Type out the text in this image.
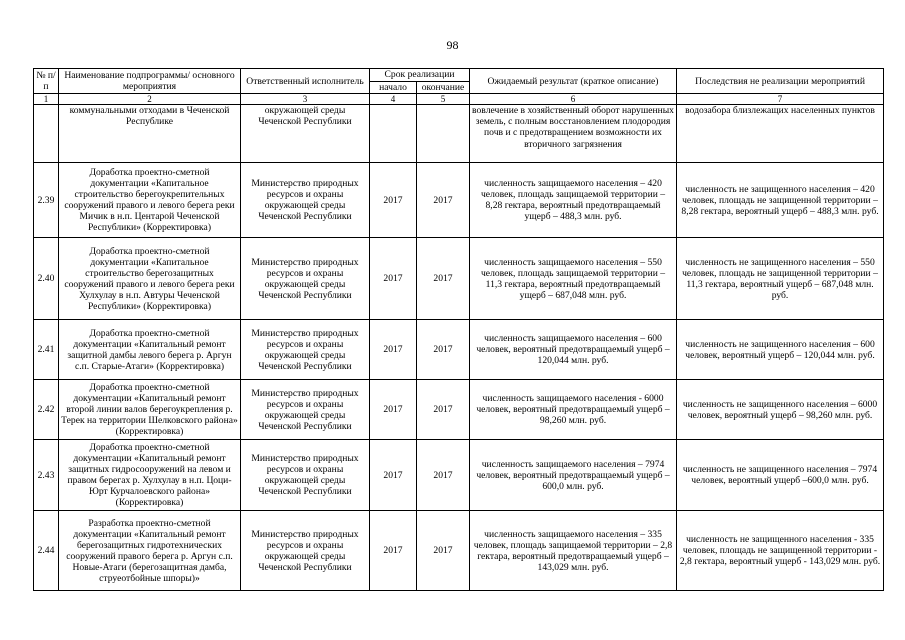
98
№ п/п	Наименование подпрограммы/ основного мероприятия	Ответственный исполнитель	Срок реализации		Ожидаемый результат (краткое описание)	Последствия не реализации мероприятий
			начало	окончание		
1	2	3	4	5	6	7
	коммунальными отходами в Чеченской Республике	окружающей среды Чеченской Республики			вовлечение в хозяйственный оборот нарушенных земель, с полным восстановлением плодородия почв и с предотвращением возможности их вторичного загрязнения	водозабора близлежащих населенных пунктов
2.39	Доработка проектно-сметной документации «Капитальное строительство берегоукрепительных сооружений правого и левого берега реки Мичик в н.п. Центарой Чеченской Республики» (Корректировка)	Министерство природных ресурсов и охраны окружающей среды Чеченской Республики	2017	2017	численность защищаемого населения – 420 человек, площадь защищаемой территории – 8,28 гектара, вероятный предотвращаемый ущерб – 488,3 млн. руб.	численность не защищенного населения – 420 человек, площадь не защищенной территории – 8,28 гектара, вероятный ущерб – 488,3 млн. руб.
2.40	Доработка проектно-сметной документации «Капитальное строительство берегозащитных сооружений правого и левого берега реки Хулхулау в н.п. Автуры Чеченской Республики» (Корректировка)	Министерство природных ресурсов и охраны окружающей среды Чеченской Республики	2017	2017	численность защищаемого населения – 550 человек, площадь защищаемой территории – 11,3 гектара, вероятный предотвращаемый ущерб – 687,048 млн. руб.	численность не защищенного населения – 550 человек, площадь не защищенной территории – 11,3 гектара, вероятный ущерб – 687,048 млн. руб.
2.41	Доработка проектно-сметной документации «Капитальный ремонт защитной дамбы левого берега р. Аргун с.п. Старые-Атаги» (Корректировка)	Министерство природных ресурсов и охраны окружающей среды Чеченской Республики	2017	2017	численность защищаемого населения – 600 человек, вероятный предотвращаемый ущерб – 120,044 млн. руб.	численность не защищенного населения – 600 человек, вероятный ущерб – 120,044 млн. руб.
2.42	Доработка проектно-сметной документации «Капитальный ремонт второй линии валов берегоукрепления р. Терек на территории Шелковского района» (Корректировка)	Министерство природных ресурсов и охраны окружающей среды Чеченской Республики	2017	2017	численность защищаемого населения - 6000 человек, вероятный предотвращаемый ущерб – 98,260 млн. руб.	численность не защищенного населения – 6000 человек, вероятный ущерб – 98,260 млн. руб.
2.43	Доработка проектно-сметной документации «Капитальный ремонт защитных гидросооружений на левом и правом берегах р. Хулхулау в н.п. Цоци-Юрт Курчалоевского района» (Корректировка)	Министерство природных ресурсов и охраны окружающей среды Чеченской Республики	2017	2017	численность защищаемого населения – 7974 человек, вероятный предотвращаемый ущерб –600,0 млн. руб.	численность не защищенного населения – 7974 человек, вероятный ущерб –600,0 млн. руб.
2.44	Разработка проектно-сметной документации «Капитальный ремонт берегозащитных гидротехнических сооружений правого берега р. Аргун с.п. Новые-Атаги (берегозащитная дамба, струеотбойные шпоры)»	Министерство природных ресурсов и охраны окружающей среды Чеченской Республики	2017	2017	численность защищаемого населения – 335 человек, площадь защищаемой территории – 2,8 гектара, вероятный предотвращаемый ущерб – 143,029 млн. руб.	численность не защищенного населения - 335 человек, площадь не защищенной территории - 2,8 гектара, вероятный ущерб - 143,029 млн. руб.
